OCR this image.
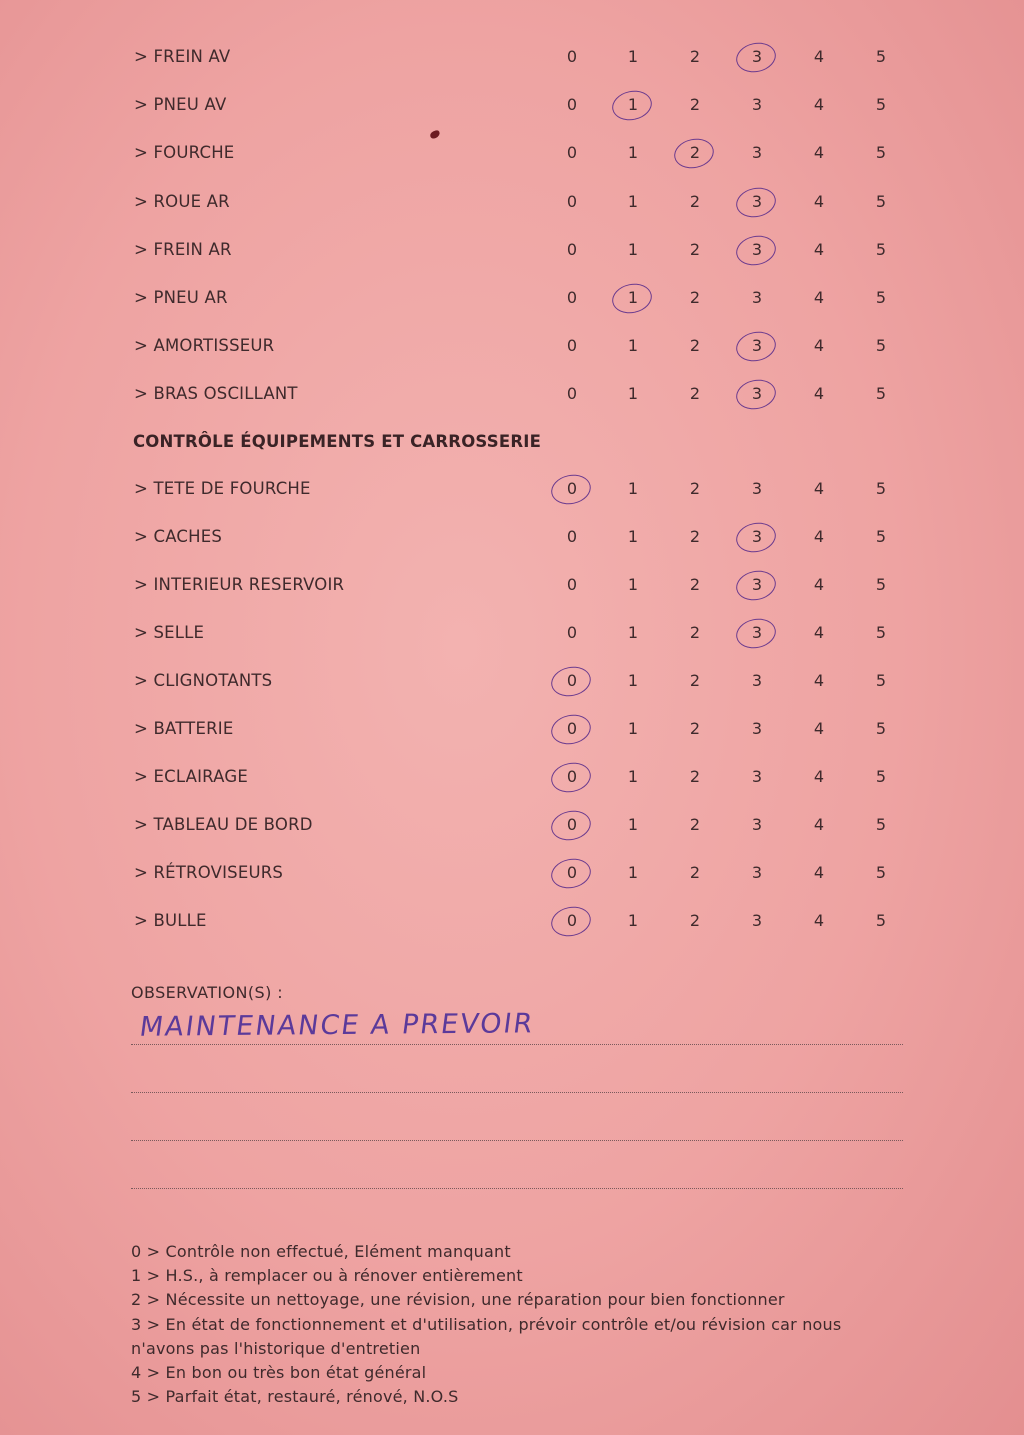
> FREIN AV	0	1	2	3	4	5
> PNEU AV	0	1	2	3	4	5
> FOURCHE	0	1	2	3	4	5
> ROUE AR	0	1	2	3	4	5
> FREIN AR	0	1	2	3	4	5
> PNEU AR	0	1	2	3	4	5
> AMORTISSEUR	0	1	2	3	4	5
> BRAS OSCILLANT	0	1	2	3	4	5
CONTRÔLE ÉQUIPEMENTS ET CARROSSERIE
> TETE DE FOURCHE	0	1	2	3	4	5
> CACHES	0	1	2	3	4	5
> INTERIEUR RESERVOIR	0	1	2	3	4	5
> SELLE	0	1	2	3	4	5
> CLIGNOTANTS	0	1	2	3	4	5
> BATTERIE	0	1	2	3	4	5
> ECLAIRAGE	0	1	2	3	4	5
> TABLEAU DE BORD	0	1	2	3	4	5
> RÉTROVISEURS	0	1	2	3	4	5
> BULLE	0	1	2	3	4	5
OBSERVATION(S) :
MAINTENANCE A PREVOIR
0 > Contrôle non effectué, Elément manquant
1 > H.S., à remplacer ou à rénover entièrement
2 > Nécessite un nettoyage, une révision, une réparation pour bien fonctionner
3 > En état de fonctionnement et d'utilisation, prévoir contrôle et/ou révision car nous
n'avons pas l'historique d'entretien
4 > En bon ou très bon état général
5 > Parfait état, restauré, rénové, N.O.S
